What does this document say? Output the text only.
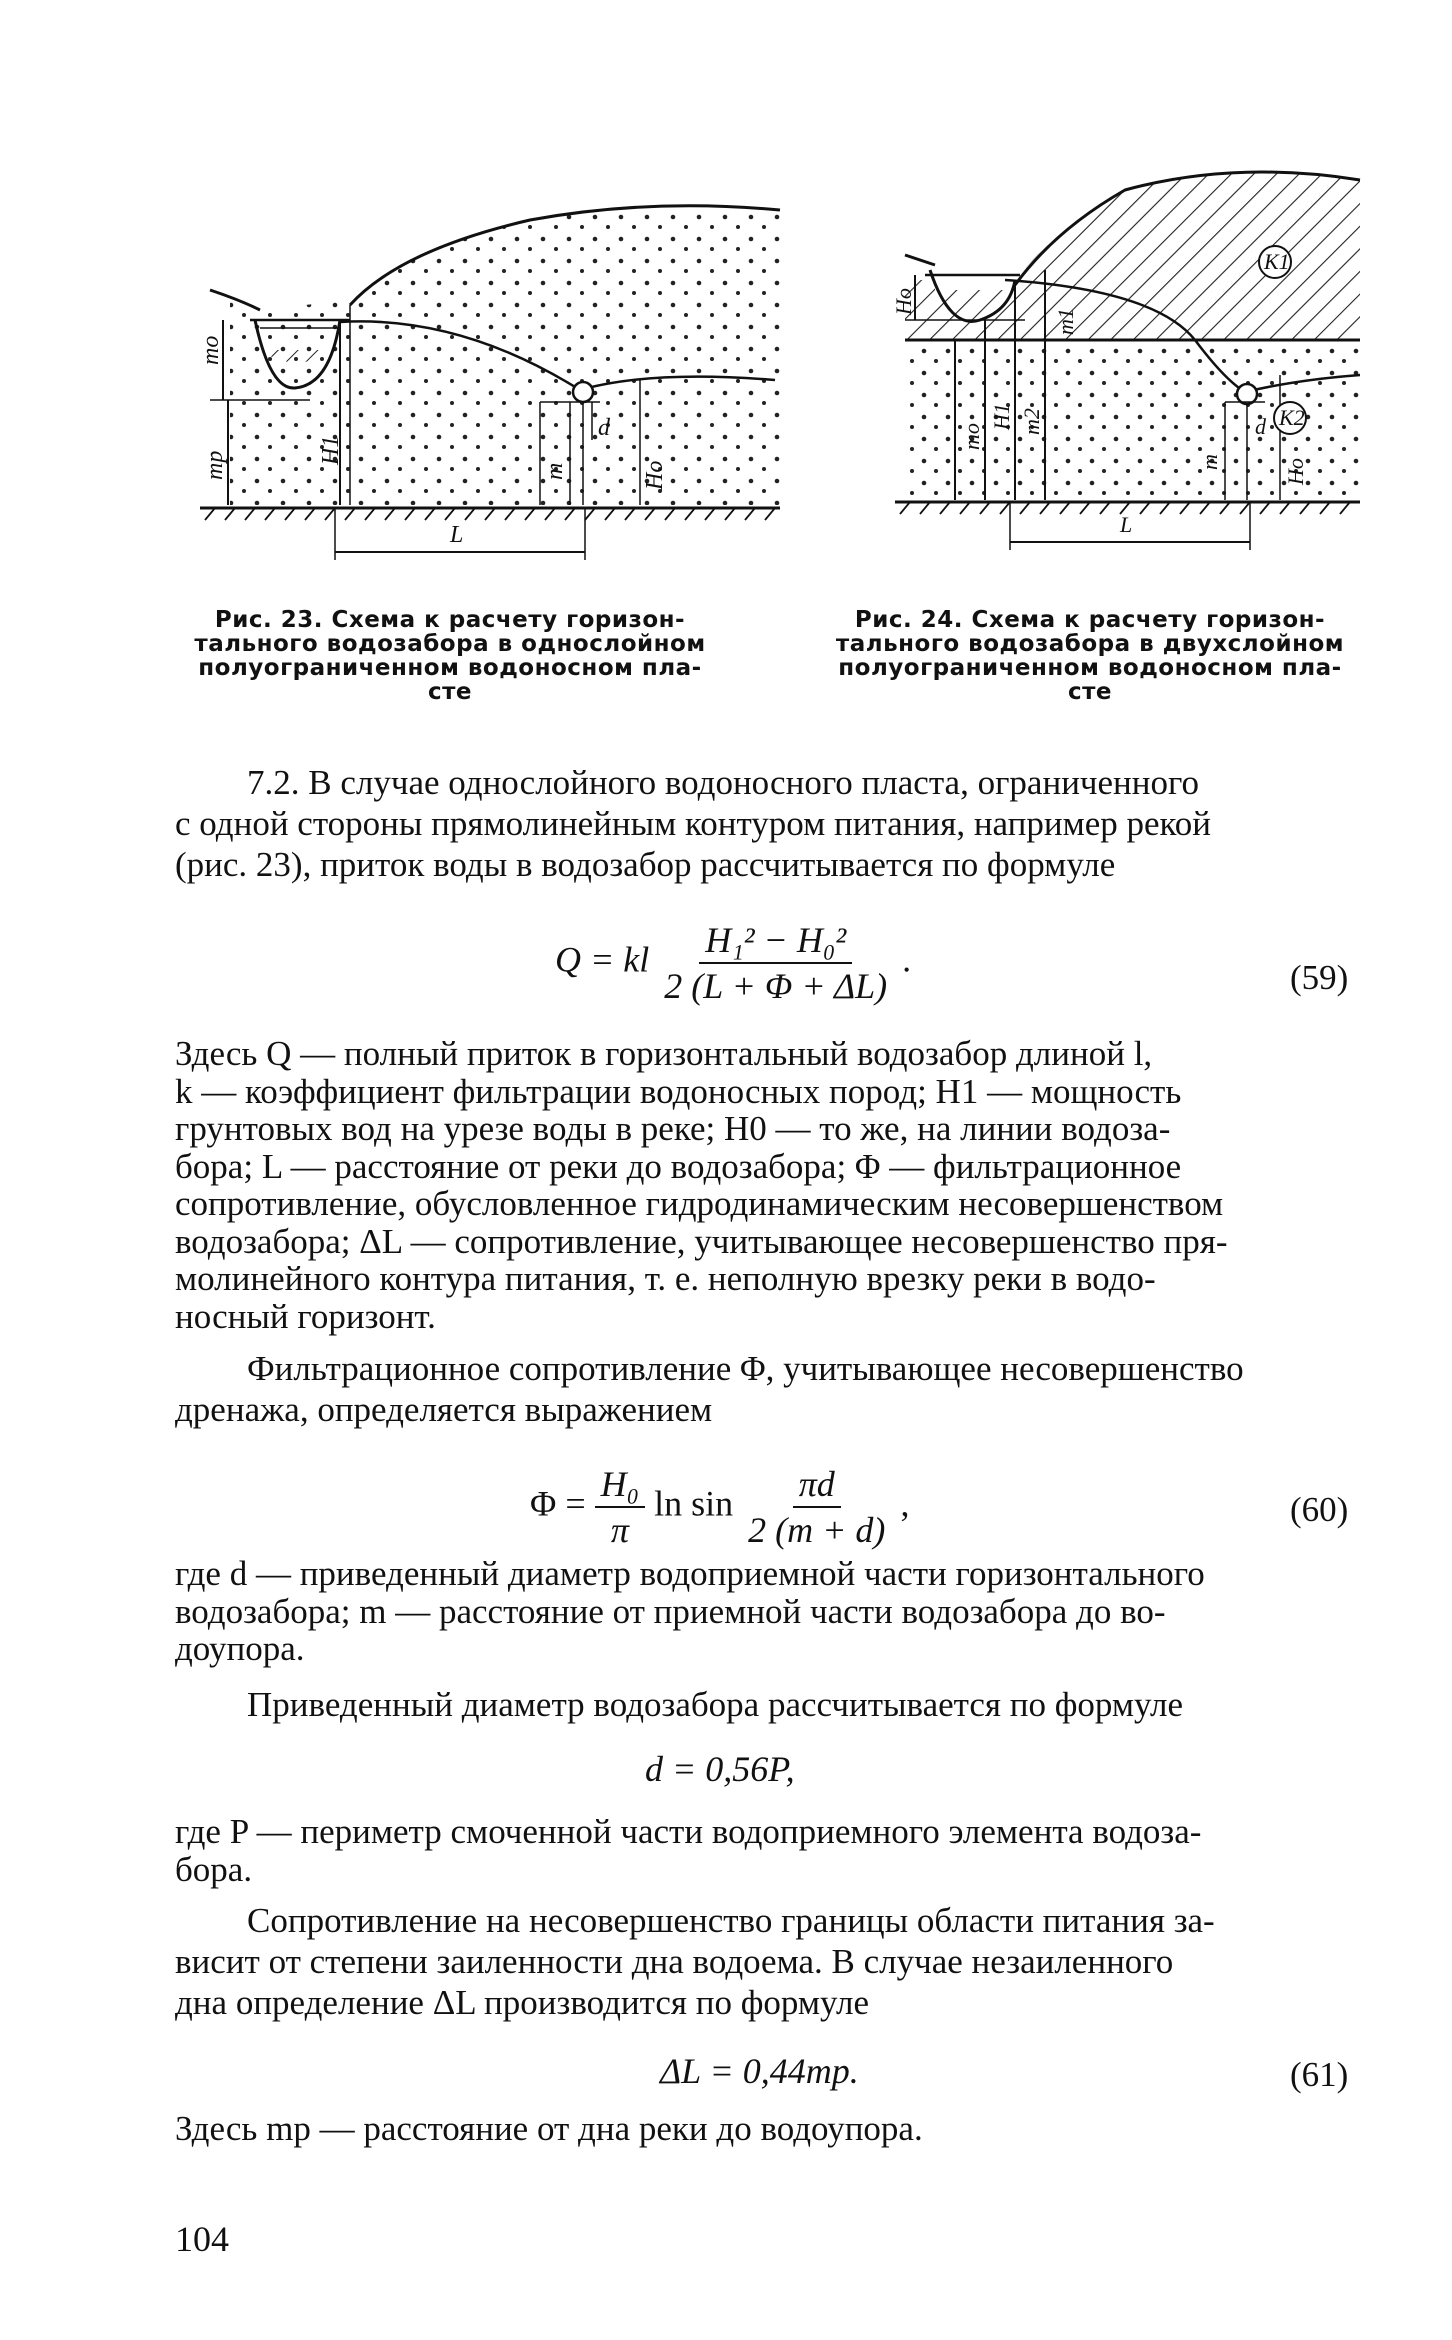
mo
mp
H1
m
d
Ho
L
Ho
mo
H1 m2
m1
K1
K2
m
d
Ho
L
Рис. 23. Схема к расчету горизон-
тального водозабора в однослойном
полуограниченном водоносном пла-
сте
Рис. 24. Схема к расчету горизон-
тального водозабора в двухслойном
полуограниченном водоносном пла-
сте
7.2. В случае однослойного водоносного пласта, ограниченного
с одной стороны прямолинейным контуром питания, например рекой
(рис. 23), приток воды в водозабор рассчитывается по формуле
Q = kl $\frac{\text{H₁² − H₀²}}{2 (L + \Phi + \Delta L)}$ .	(59)
Здесь Q — полный приток в горизонтальный водозабор длиной l,
k — коэффициент фильтрации водоносных пород; H1 — мощность
грунтовых вод на урезе воды в реке; H0 — то же, на линии водоза-
бора; L — расстояние от реки до водозабора; Φ — фильтрационное
сопротивление, обусловленное гидродинамическим несовершенством
водозабора; ΔL — сопротивление, учитывающее несовершенство пря-
молинейного контура питания, т. е. неполную врезку реки в водо-
носный горизонт.
Фильтрационное сопротивление Φ, учитывающее несовершенство
дренажа, определяется выражением
$\Phi = \frac{\text{H₀}}{\pi}$ $\ln \sin \frac{\pi d}{2 (m + d)}$ ,	(60)
где d — приведенный диаметр водоприемной части горизонтального
водозабора; m — расстояние от приемной части водозабора до во-
доупора.
Приведенный диаметр водозабора рассчитывается по формуле
d = 0,56P,
где P — периметр смоченной части водоприемного элемента водоза-
бора.
Сопротивление на несовершенство границы области питания за-
висит от степени заиленности дна водоема. В случае незаиленного
дна определение ΔL производится по формуле
ΔL = 0,44mр.	(61)
Здесь mр — расстояние от дна реки до водоупора.
104
